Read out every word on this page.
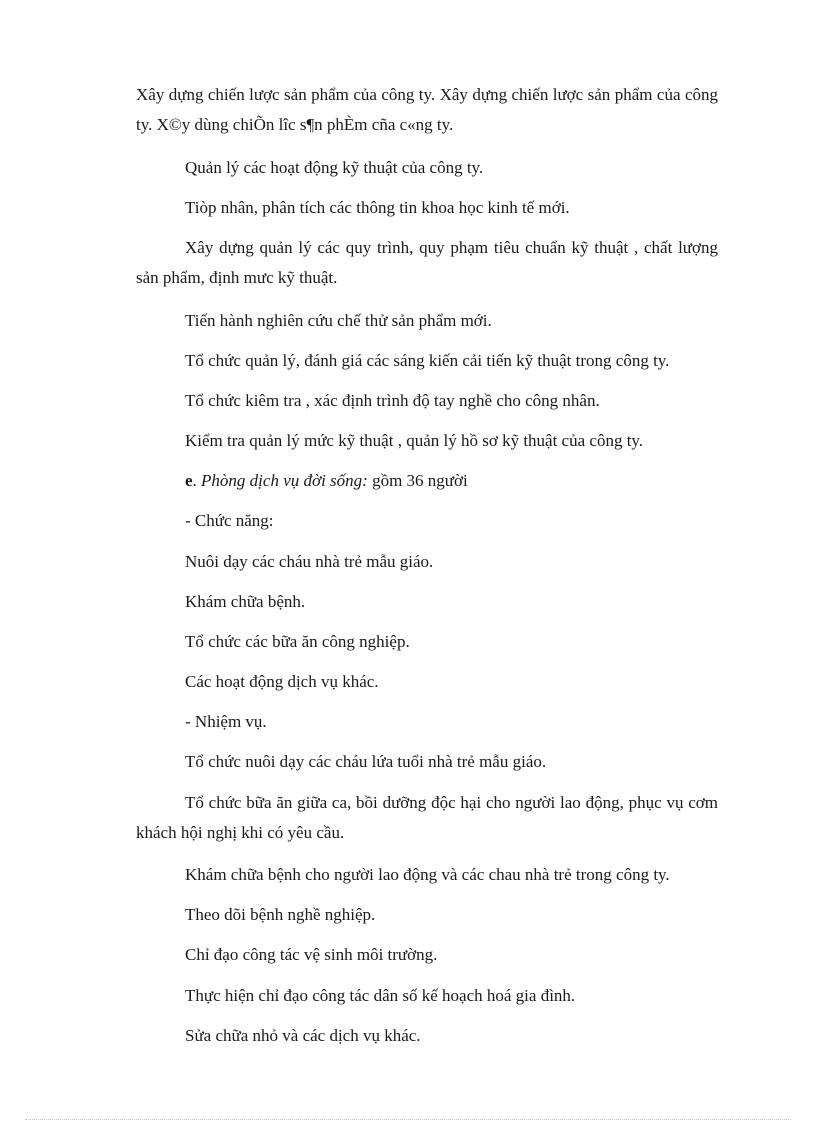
Xây dựng chiến lược sản phẩm của công ty. Xây dựng chiến lược sản phẩm của công ty. X©y dùng chiÕn lîc s¶n phÈm cña c«ng ty.
Quản lý các hoạt động kỹ thuật của công ty.
Tiòp nhân, phân tích các thông tin khoa học kinh tế mới.
Xây dựng quản lý các quy trình, quy phạm tiêu chuẩn kỹ thuật , chất lượng sản phẩm, định mưc kỹ thuật.
Tiến hành nghiên cứu chế thử sản phẩm mới.
Tổ chức quản lý, đánh giá các sáng kiến cải tiến kỹ thuật trong công ty.
Tổ chức kiêm tra , xác định trình độ tay nghề cho công nhân.
Kiểm tra quản lý mức kỹ thuật , quản lý hồ sơ kỹ thuật của công ty.
e. Phòng dịch vụ đời sống: gồm 36 người
- Chức năng:
Nuôi dạy các cháu nhà trẻ mẫu giáo.
Khám chữa bệnh.
Tổ chức các bữa ăn công nghiệp.
Các hoạt động dịch vụ khác.
- Nhiệm vụ.
Tổ chức nuôi dạy các cháu lứa tuổi nhà trẻ mẫu giáo.
Tổ chức bữa ăn giữa ca, bồi dưỡng độc hại cho người lao động, phục vụ cơm khách hội nghị khi có yêu cầu.
Khám chữa bệnh cho người lao động và các chau nhà trẻ trong công ty.
Theo dõi bệnh nghề nghiệp.
Chỉ đạo công tác vệ sinh môi trường.
Thực hiện chỉ đạo công tác dân số kế hoạch hoá gia đình.
Sửa chữa nhỏ và các dịch vụ khác.
